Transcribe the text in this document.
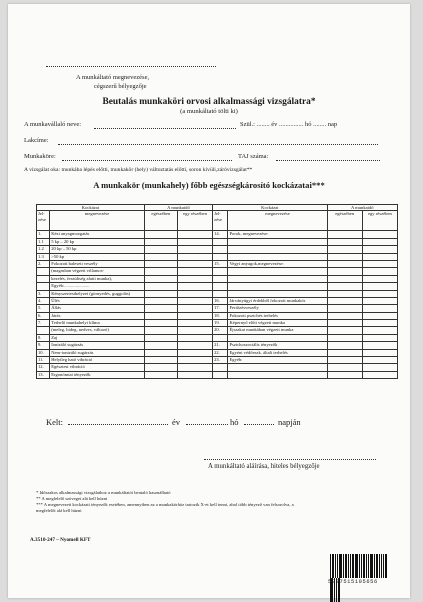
A munkáltató megnevezése,
cégszerű bélyegzője
Beutalás munkaköri orvosi alkalmassági vizsgálatra*
(a munkáltató tölti ki)
A munkavállaló neve:	Szül.: ........ év ............... hó ........ nap
Lakcíme:
Munkaköre:	TAJ száma:
A vizsgálat oka: munkába lépés előtti, munkakör (hely) változtatás előtti, soron kívüli,záróvizsgálat**
A munkakör (munkahely) főbb egészségkárosító kockázatai***
Kockázat		A munkaidő		Kockázat		A munkaidő	
Jel-zése	megnevezése	egészében	egy részében	Jel-zése	megnevezése	egészében	egy részében
1.	Kézi anyagmozgatás			14.	Porok, megnevezése:		
1.1	5 kp – 20 kp						
1.2	20 kp – 50 kp						
1.3	>50 kp						
2.	Fokozott baleseti veszély			15.	Vegyi anyagok,megnevezése:		
	(magasban végzett villamos-						
	kezelés, feszültség alatti munka),						
	Egyéb:......................						
3.	Kényszertesthelyzet (görnyedés, guggolás)						
4.	Ülés			16.	Járványügyi érdekből fokozott munkakör		
5.	Állás			17.	Fertőzésveszély		
6.	Járás			18.	Fokozott pszichés terhelés		
7.	Terhelő munkahelyi klíma			19.	Képernyő előtt végzett munka		
	(meleg, hideg, nedves, változó)			20.	Éjszakai munkában végzett munka		
8.	Zaj						
9.	Ionizáló sugárzás			21.	Pszichoszociális tényezők		
10.	Nem-ionizáló sugárzás			22.	Egyéni védőeszk. általi terhelés		
11.	Helyileg ható vibráció			23.	Egyéb:		
12.	Egésztest vibráció						
13.	Ergonómiai tényezők						
Kelt:	év	hó	napján
A munkáltató aláírása, hiteles bélyegzője
* Időszakos alkalmassági vizsgálathoz a munkáltatói beutaló használható
** A megfelelő szöveget alá kell húzni
*** A megnevezett kockázati tényezők esetében, amennyiben az a munkakörhöz tartozik X-et kell tenni, ahol több tényező van felsorolva, a
megfelelőt alá kell húzni
A.3510-247 – Nyomell KFT
5997515105656
